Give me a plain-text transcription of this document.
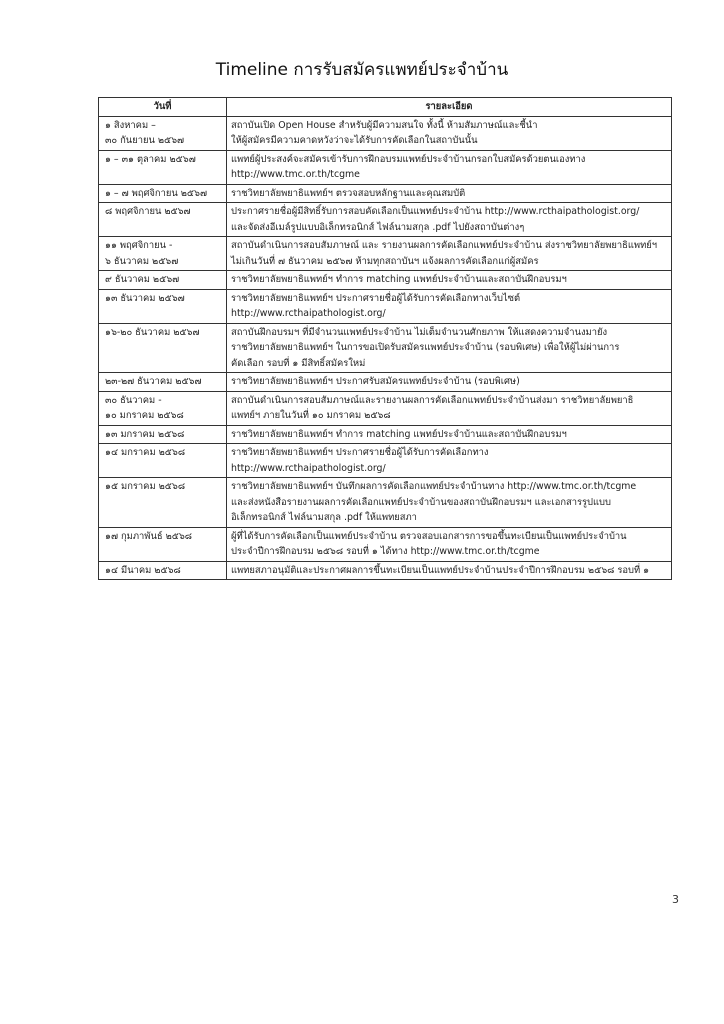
Timeline การรับสมัครแพทย์ประจำบ้าน
วันที่	รายละเอียด
๑ สิงหาคม –
๓๐ กันยายน ๒๕๖๗	สถาบันเปิด Open House สำหรับผู้มีความสนใจ ทั้งนี้ ห้ามสัมภาษณ์และชี้นำ
ให้ผู้สมัครมีความคาดหวังว่าจะได้รับการคัดเลือกในสถาบันนั้น
๑ – ๓๑ ตุลาคม ๒๕๖๗	แพทย์ผู้ประสงค์จะสมัครเข้ารับการฝึกอบรมแพทย์ประจำบ้านกรอกใบสมัครด้วยตนเองทาง
http://www.tmc.or.th/tcgme
๑ – ๗ พฤศจิกายน ๒๕๖๗	ราชวิทยาลัยพยาธิแพทย์ฯ ตรวจสอบหลักฐานและคุณสมบัติ
๘ พฤศจิกายน ๒๕๖๗	ประกาศรายชื่อผู้มีสิทธิ์รับการสอบคัดเลือกเป็นแพทย์ประจำบ้าน http://www.rcthaipathologist.org/
และจัดส่งอีเมล์รูปแบบอิเล็กทรอนิกส์ ไฟล์นามสกุล .pdf ไปยังสถาบันต่างๆ
๑๑ พฤศจิกายน -
๖ ธันวาคม ๒๕๖๗	สถาบันดำเนินการสอบสัมภาษณ์ และ รายงานผลการคัดเลือกแพทย์ประจำบ้าน ส่งราชวิทยาลัยพยาธิแพทย์ฯ
ไม่เกินวันที่ ๗ ธันวาคม ๒๕๖๗ ห้ามทุกสถาบันฯ แจ้งผลการคัดเลือกแก่ผู้สมัคร
๙ ธันวาคม ๒๕๖๗	ราชวิทยาลัยพยาธิแพทย์ฯ ทำการ matching แพทย์ประจำบ้านและสถาบันฝึกอบรมฯ
๑๓ ธันวาคม ๒๕๖๗	ราชวิทยาลัยพยาธิแพทย์ฯ ประกาศรายชื่อผู้ได้รับการคัดเลือกทางเว็บไซต์
http://www.rcthaipathologist.org/
๑๖-๒๐ ธันวาคม ๒๕๖๗	สถาบันฝึกอบรมฯ ที่มีจำนวนแพทย์ประจำบ้าน ไม่เต็มจำนวนศักยภาพ ให้แสดงความจำนงมายัง
ราชวิทยาลัยพยาธิแพทย์ฯ ในการขอเปิดรับสมัครแพทย์ประจำบ้าน (รอบพิเศษ) เพื่อให้ผู้ไม่ผ่านการ
คัดเลือก รอบที่ ๑ มีสิทธิ์สมัครใหม่
๒๓-๒๗ ธันวาคม ๒๕๖๗	ราชวิทยาลัยพยาธิแพทย์ฯ ประกาศรับสมัครแพทย์ประจำบ้าน (รอบพิเศษ)
๓๐ ธันวาคม -
๑๐ มกราคม ๒๕๖๘	สถาบันดำเนินการสอบสัมภาษณ์และรายงานผลการคัดเลือกแพทย์ประจำบ้านส่งมา ราชวิทยาลัยพยาธิ
แพทย์ฯ ภายในวันที่ ๑๐ มกราคม ๒๕๖๘
๑๓ มกราคม ๒๕๖๘	ราชวิทยาลัยพยาธิแพทย์ฯ ทำการ matching แพทย์ประจำบ้านและสถาบันฝึกอบรมฯ
๑๔ มกราคม ๒๕๖๘	ราชวิทยาลัยพยาธิแพทย์ฯ ประกาศรายชื่อผู้ได้รับการคัดเลือกทาง
http://www.rcthaipathologist.org/
๑๕ มกราคม ๒๕๖๘	ราชวิทยาลัยพยาธิแพทย์ฯ บันทึกผลการคัดเลือกแพทย์ประจำบ้านทาง http://www.tmc.or.th/tcgme
และส่งหนังสือรายงานผลการคัดเลือกแพทย์ประจำบ้านของสถาบันฝึกอบรมฯ และเอกสารรูปแบบ
อิเล็กทรอนิกส์ ไฟล์นามสกุล .pdf ให้แพทยสภา
๑๗ กุมภาพันธ์ ๒๕๖๘	ผู้ที่ได้รับการคัดเลือกเป็นแพทย์ประจำบ้าน ตรวจสอบเอกสารการขอขึ้นทะเบียนเป็นแพทย์ประจำบ้าน
ประจำปีการฝึกอบรม ๒๕๖๘ รอบที่ ๑ ได้ทาง http://www.tmc.or.th/tcgme
๑๔ มีนาคม ๒๕๖๘	แพทยสภาอนุมัติและประกาศผลการขึ้นทะเบียนเป็นแพทย์ประจำบ้านประจำปีการฝึกอบรม ๒๕๖๘ รอบที่ ๑
3
